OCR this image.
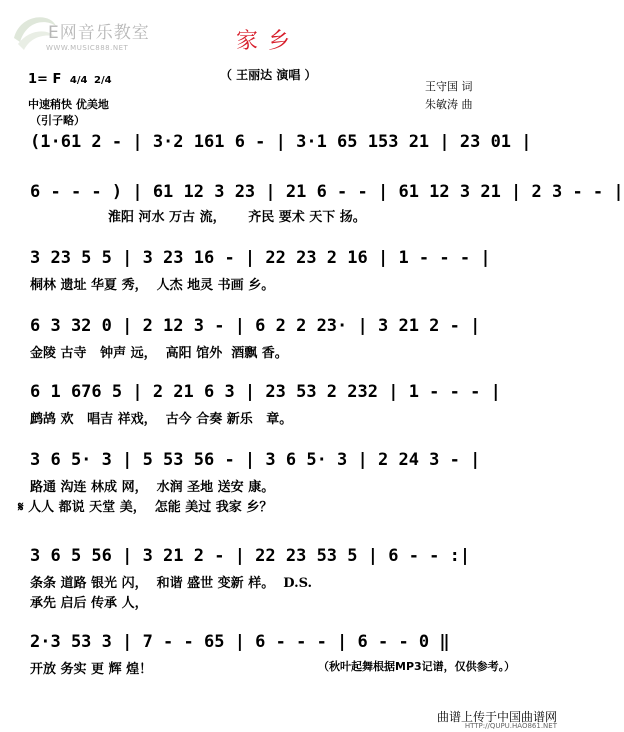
E网音乐教室
WWW.MUSIC888.NET	家乡
（ 王丽达 演唱 ）
王守国 词
朱敏涛 曲
1= F 4/4 2/4
中速稍快 优美地
（引子略）
(1·61 2 - | 3·2 161 6 - | 3·1 65 153 21 | 23 01 |
6 - - - ) | 61 12 3 23 | 21 6 - - | 61 12 3 21 | 2 3 - - |
淮阳 河水 万古 流，     齐民 要术 天下 扬。
3 23 5 5 | 3 23 16 - | 22 23 2 16 | 1 - - - |
桐林 遗址 华夏 秀，  人杰 地灵 书画 乡。
6 3 32 0 | 2 12 3 - | 6 2 2 23· | 3 21 2 - |
金陵 古寺   钟声 远，  高阳 馆外  酒飘 香。
6 1 676 5 | 2 21 6 3 | 23 53 2 232 | 1 - - - |
鹧鸪 欢   唱吉 祥戏，  古今 合奏 新乐   章。
3 6 5· 3 | 5 53 56 - | 3 6 5· 3 | 2 24 3 - |
路通 沟连 林成 网，  水润 圣地 送安 康。
𝄋 人人 都说 天堂 美，  怎能 美过 我家 乡？
3 6 5 56 | 3 21 2 - | 22 23 53 5 | 6 - - :|
条条 道路 银光 闪，  和谐 盛世 变新 样。  D.S.
承先 启后 传承 人，
2·3 53 3 | 7 - - 65 | 6 - - - | 6 - - 0 ‖
开放 务实 更 辉 煌！	（秋叶起舞根据MP3记谱，仅供参考。）
曲谱上传于中国曲谱网
HTTP://QUPU.HAO861.NET
